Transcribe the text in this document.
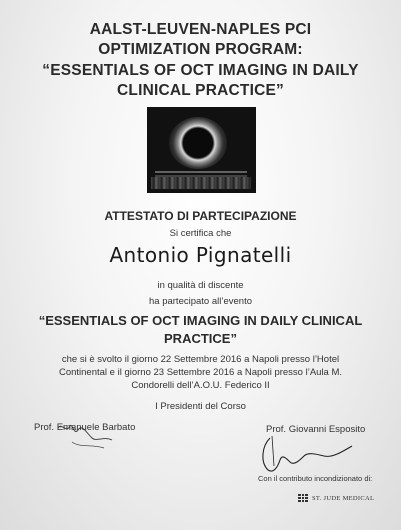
AALST-LEUVEN-NAPLES PCI
OPTIMIZATION PROGRAM:
“ESSENTIALS OF OCT IMAGING IN DAILY
CLINICAL PRACTICE”
ATTESTATO DI PARTECIPAZIONE
Si certifica che
Antonio Pignatelli
in qualità di discente
ha partecipato all’evento
“ESSENTIALS OF OCT IMAGING IN DAILY CLINICAL
PRACTICE”
che si è svolto il giorno 22 Settembre 2016 a Napoli presso l’Hotel
Continental e il giorno 23 Settembre 2016 a Napoli presso l’Aula M.
Condorelli dell’A.O.U. Federico II
I Presidenti del Corso
Prof. Emanuele Barbato	Prof. Giovanni Esposito
Con il contributo incondizionato di:
ST. JUDE MEDICAL
